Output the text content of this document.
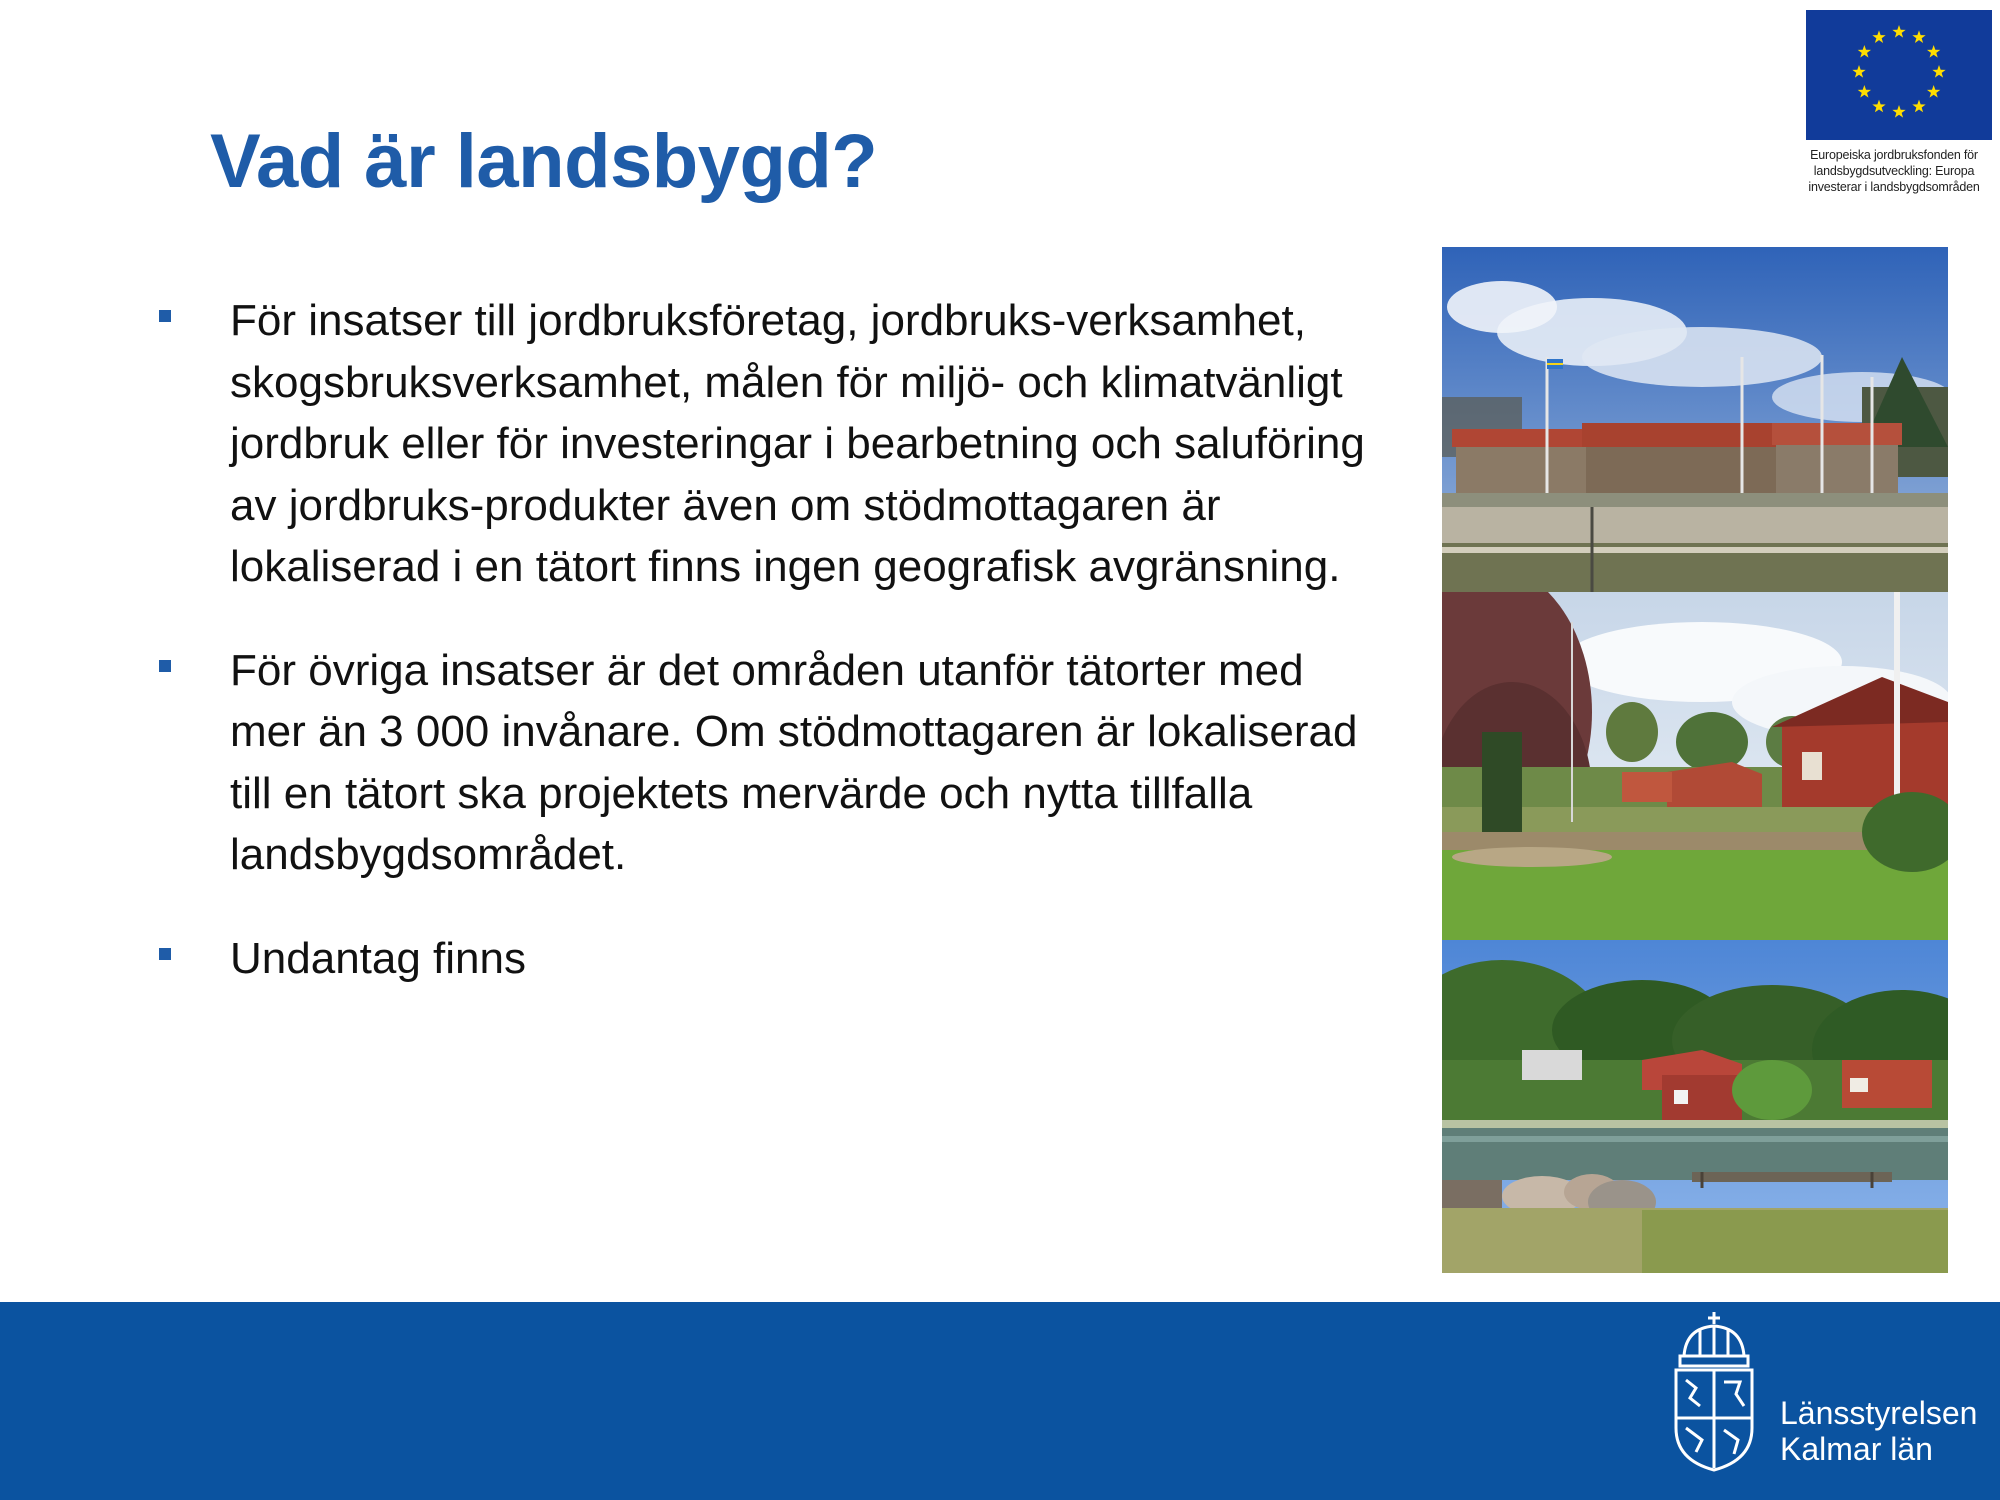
Vad är landsbygd?	Europeiska jordbruksfonden för
landsbygdsutveckling: Europa
investerar i landsbygdsområden

För insatser till jordbruksföretag, jordbruks-verksamhet, skogsbruksverksamhet, målen för miljö- och klimatvänligt jordbruk eller för investeringar i bearbetning och saluföring av jordbruks-produkter även om stödmottagaren är lokaliserad i en tätort finns ingen geografisk avgränsning.
För övriga insatser är det områden utanför tätorter med mer än 3 000 invånare. Om stödmottagaren är lokaliserad till en tätort ska projektets mervärde och nytta tillfalla landsbygdsområdet.
Undantag finns

Länsstyrelsen
Kalmar län
